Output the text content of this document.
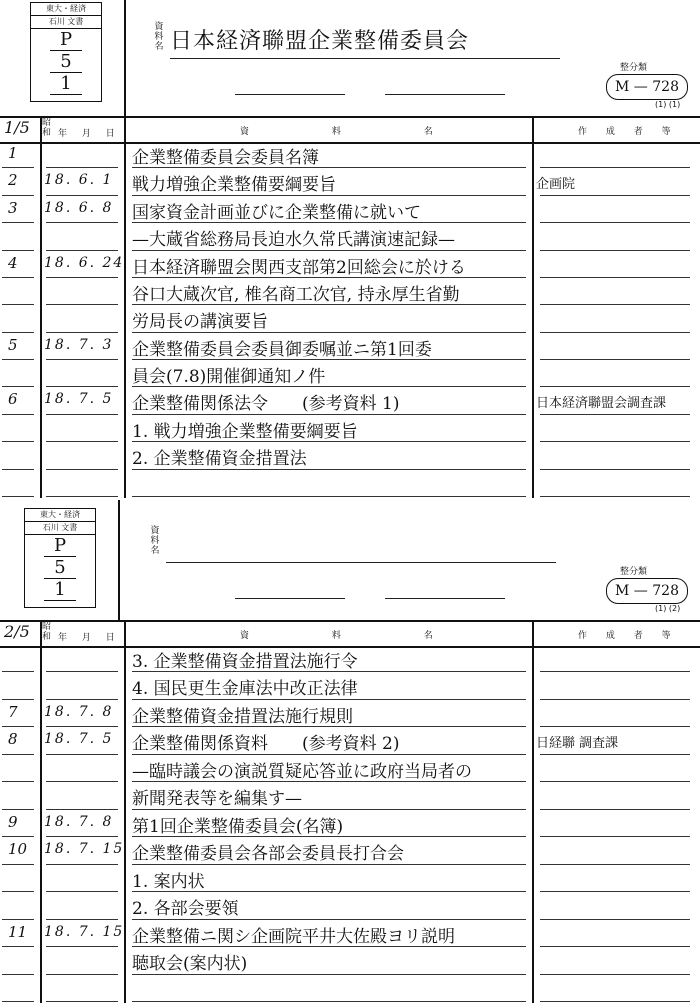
東大・経済
石川 文書
P
5
1
資料名 日本経済聯盟企業整備委員会
整分類
M — 728
(1) (1)
1/5 昭和 年 月 日	資 料 名	作 成 者 等
1	企業整備委員会委員名簿
2 18. 6. 1 戦力増強企業整備要綱要旨	企画院
3 18. 6. 8 国家資金計画並びに企業整備に就いて
—大蔵省総務局長迫水久常氏講演速記録—
4 18. 6. 24 日本経済聯盟会関西支部第2回総会に於ける
谷口大蔵次官, 椎名商工次官, 持永厚生省勤
労局長の講演要旨
5 18. 7. 3 企業整備委員会委員御委嘱並ニ第1回委
員会(7.8)開催御通知ノ件
6 18. 7. 5 企業整備関係法令　　(参考資料 1)	日本経済聯盟会調査課
1. 戦力増強企業整備要綱要旨
2. 企業整備資金措置法
東大・経済
石川 文書
P
5
1
資料名
整分類
M — 728
(1) (2)
2/5 昭和 年 月 日	資 料 名	作 成 者 等
3. 企業整備資金措置法施行令
4. 国民更生金庫法中改正法律
7 18. 7. 8 企業整備資金措置法施行規則
8 18. 7. 5 企業整備関係資料　　(参考資料 2)	日経聯 調査課
—臨時議会の演説質疑応答並に政府当局者の
新聞発表等を編集す—
9 18. 7. 8 第1回企業整備委員会(名簿)
10 18. 7. 15 企業整備委員会各部会委員長打合会
1. 案内状
2. 各部会要領
11 18. 7. 15 企業整備ニ関シ企画院平井大佐殿ヨリ説明
聴取会(案内状)
